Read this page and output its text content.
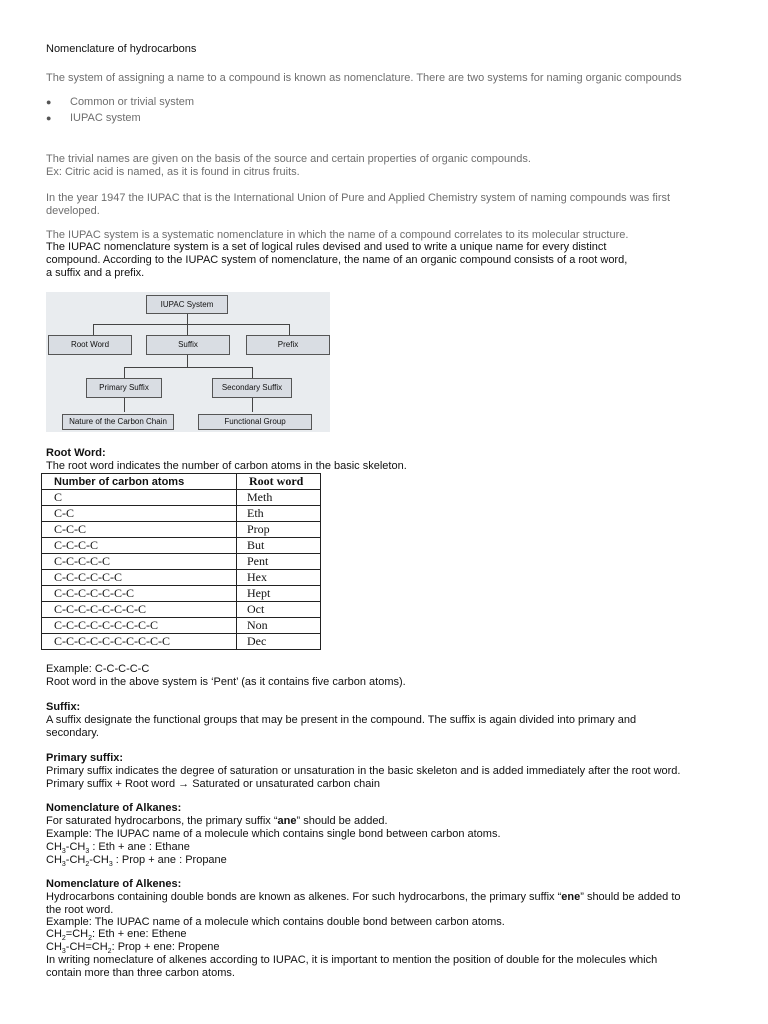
Nomenclature of hydrocarbons
The system of assigning a name to a compound is known as nomenclature. There are two systems for naming organic compounds
● Common or trivial system
● IUPAC system
The trivial names are given on the basis of the source and certain properties of organic compounds.
Ex: Citric acid is named, as it is found in citrus fruits.
In the year 1947 the IUPAC that is the International Union of Pure and Applied Chemistry system of naming compounds was first
developed.
The IUPAC system is a systematic nomenclature in which the name of a compound correlates to its molecular structure.
The IUPAC nomenclature system is a set of logical rules devised and used to write a unique name for every distinct
compound. According to the IUPAC system of nomenclature, the name of an organic compound consists of a root word,
a suffix and a prefix.
IUPAC System
Root Word	Suffix	Prefix
Primary Suffix	Secondary Suffix
Nature of the Carbon Chain	Functional Group
Root Word:
The root word indicates the number of carbon atoms in the basic skeleton.
Number of carbon atoms	Root word
C	Meth
C-C	Eth
C-C-C	Prop
C-C-C-C	But
C-C-C-C-C	Pent
C-C-C-C-C-C	Hex
C-C-C-C-C-C-C	Hept
C-C-C-C-C-C-C-C	Oct
C-C-C-C-C-C-C-C-C	Non
C-C-C-C-C-C-C-C-C-C	Dec
Example: C-C-C-C-C
Root word in the above system is ‘Pent’ (as it contains five carbon atoms).
Suffix:
A suffix designate the functional groups that may be present in the compound. The suffix is again divided into primary and
secondary.
Primary suffix:
Primary suffix indicates the degree of saturation or unsaturation in the basic skeleton and is added immediately after the root word.
Primary suffix + Root word → Saturated or unsaturated carbon chain
Nomenclature of Alkanes:
For saturated hydrocarbons, the primary suffix “ane” should be added.
Example: The IUPAC name of a molecule which contains single bond between carbon atoms.
$CH_3-CH_3$ : Eth + ane : Ethane
$CH_3-CH_2-CH_3$ : Prop + ane : Propane
Nomenclature of Alkenes:
Hydrocarbons containing double bonds are known as alkenes. For such hydrocarbons, the primary suffix “ene” should be added to
the root word.
Example: The IUPAC name of a molecule which contains double bond between carbon atoms.
$CH_2=CH_2$: Eth + ene: Ethene
$CH_3-CH=CH_2$: Prop + ene: Propene
In writing nomeclature of alkenes according to IUPAC, it is important to mention the position of double for the molecules which
contain more than three carbon atoms.
